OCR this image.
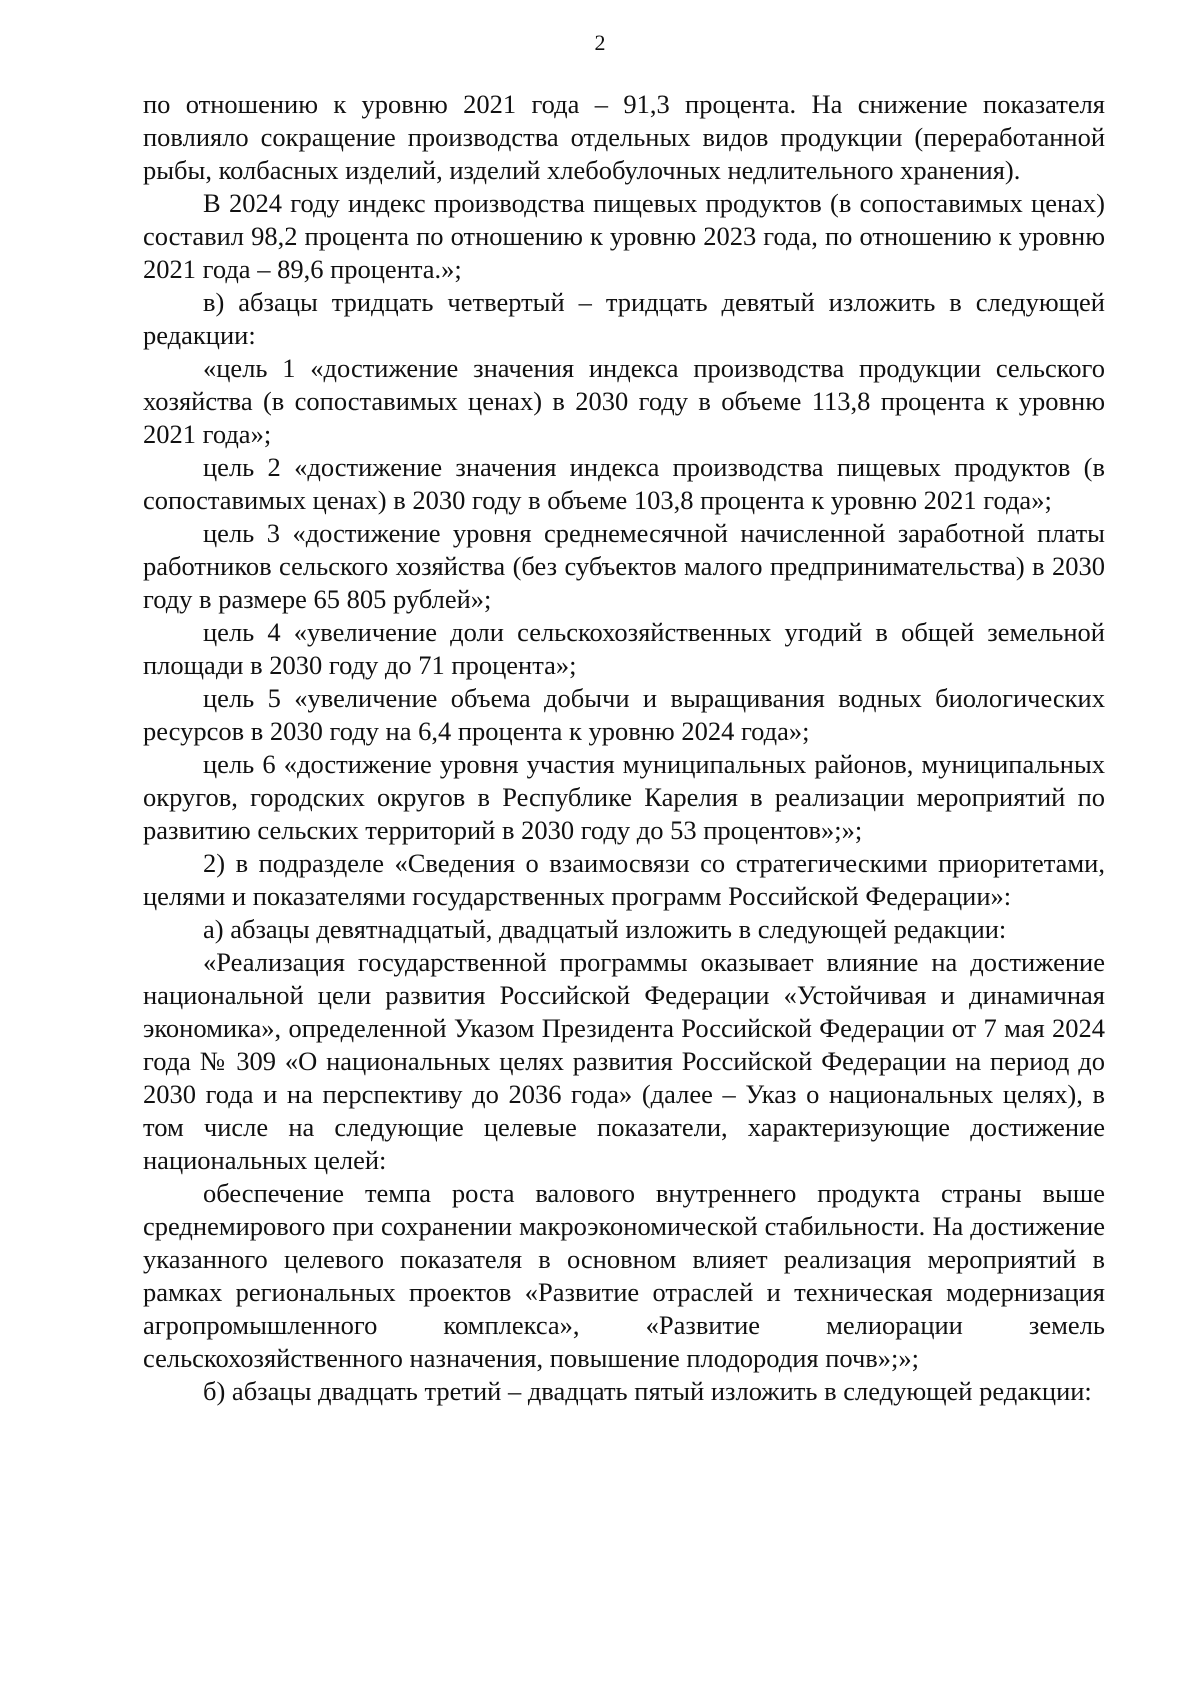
2

по отношению к уровню 2021 года – 91,3 процента. На снижение показателя повлияло сокращение производства отдельных видов продукции (переработанной рыбы, колбасных изделий, изделий хлебобулочных недлительного хранения).

В 2024 году индекс производства пищевых продуктов (в сопоставимых ценах) составил 98,2 процента по отношению к уровню 2023 года, по отношению к уровню 2021 года – 89,6 процента.»;

в) абзацы тридцать четвертый – тридцать девятый изложить в следующей редакции:

«цель 1 «достижение значения индекса производства продукции сельского хозяйства (в сопоставимых ценах) в 2030 году в объеме 113,8 процента к уровню 2021 года»;

цель 2 «достижение значения индекса производства пищевых продуктов (в сопоставимых ценах) в 2030 году в объеме 103,8 процента к уровню 2021 года»;

цель 3 «достижение уровня среднемесячной начисленной заработной платы работников сельского хозяйства (без субъектов малого предпринимательства) в 2030 году в размере 65 805 рублей»;

цель 4 «увеличение доли сельскохозяйственных угодий в общей земельной площади в 2030 году до 71 процента»;

цель 5 «увеличение объема добычи и выращивания водных биологических ресурсов в 2030 году на 6,4 процента к уровню 2024 года»;

цель 6 «достижение уровня участия муниципальных районов, муниципальных округов, городских округов в Республике Карелия в реализации мероприятий по развитию сельских территорий в 2030 году до 53 процентов»;»;

2) в подразделе «Сведения о взаимосвязи со стратегическими приоритетами, целями и показателями государственных программ Российской Федерации»:

а) абзацы девятнадцатый, двадцатый изложить в следующей редакции:

«Реализация государственной программы оказывает влияние на достижение национальной цели развития Российской Федерации «Устойчивая и динамичная экономика», определенной Указом Президента Российской Федерации от 7 мая 2024 года № 309 «О национальных целях развития Российской Федерации на период до 2030 года и на перспективу до 2036 года» (далее – Указ о национальных целях), в том числе на следующие целевые показатели, характеризующие достижение национальных целей:

обеспечение темпа роста валового внутреннего продукта страны выше среднемирового при сохранении макроэкономической стабильности. На достижение указанного целевого показателя в основном влияет реализация мероприятий в рамках региональных проектов «Развитие отраслей и техническая модернизация агропромышленного комплекса», «Развитие мелиорации земель сельскохозяйственного назначения, повышение плодородия почв»;»;

б) абзацы двадцать третий – двадцать пятый изложить в следующей редакции:
